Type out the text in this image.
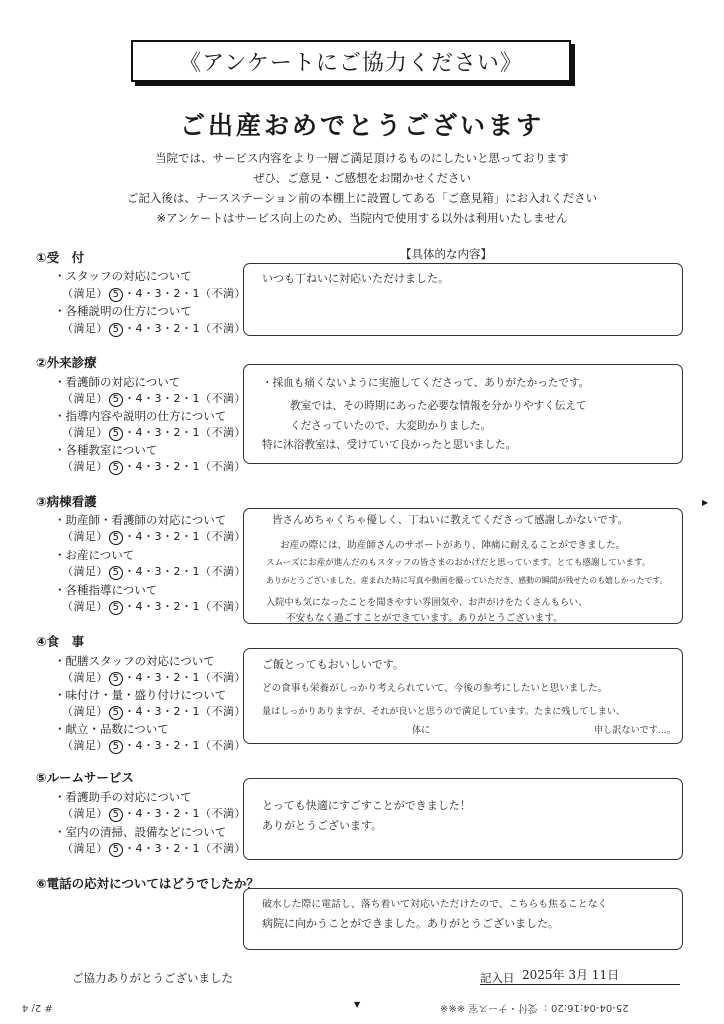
《アンケートにご協力ください》
ご出産おめでとうございます
当院では、サービス内容をより一層ご満足頂けるものにしたいと思っております
ぜひ、ご意見・ご感想をお聞かせください
ご記入後は、ナースステーション前の本棚上に設置してある「ご意見箱」にお入れください
※アンケートはサービス向上のため、当院内で使用する以外は利用いたしません
【具体的な内容】
①受　付
・スタッフの対応について
（満足） 5 ・4・3・2・1（不満）
・各種説明の仕方について
（満足） 5 ・4・3・2・1（不満）
いつも丁ねいに対応いただけました。
②外来診療
・看護師の対応について
（満足） 5 ・4・3・2・1（不満）
・指導内容や説明の仕方について
（満足） 5 ・4・3・2・1（不満）
・各種教室について
（満足） 5 ・4・3・2・1（不満）
・採血も痛くないように実施してくださって、ありがたかったです。
教室では、その時期にあった必要な情報を分かりやすく伝えて
くださっていたので、大変助かりました。
特に沐浴教室は、受けていて良かったと思いました。
③病棟看護
・助産師・看護師の対応について
（満足） 5 ・4・3・2・1（不満）
・お産について
（満足） 5 ・4・3・2・1（不満）
・各種指導について
（満足） 5 ・4・3・2・1（不満）
皆さんめちゃくちゃ優しく、丁ねいに教えてくださって感謝しかないです。
お産の際には、助産師さんのサポートがあり、陣痛に耐えることができました。
スムーズにお産が進んだのもスタッフの皆さまのおかげだと思っています。とても感謝しています。
ありがとうございました。産まれた時に写真や動画を撮っていただき、感動の瞬間が残せたのも嬉しかったです。
入院中も気になったことを聞きやすい雰囲気や、お声がけをたくさんもらい、
不安もなく過ごすことができています。ありがとうございます。
④食　事
・配膳スタッフの対応について
（満足） 5 ・4・3・2・1（不満）
・味付け・量・盛り付けについて
（満足） 5 ・4・3・2・1（不満）
・献立・品数について
（満足） 5 ・4・3・2・1（不満）
ご飯とってもおいしいです。
どの食事も栄養がしっかり考えられていて、今後の参考にしたいと思いました。
量はしっかりありますが、それが良いと思うので満足しています。たまに残してしまい、
体に　　　　　　　　　　　　　　　　　　申し訳ないです…。
⑤ルームサービス
・看護助手の対応について
（満足） 5 ・4・3・2・1（不満）
・室内の清掃、設備などについて
（満足） 5 ・4・3・2・1（不満）
とっても快適にすごすことができました！
ありがとうございます。
⑥電話の応対についてはどうでしたか？
破水した際に電話し、落ち着いて対応いただけたので、こちらも焦ることなく
病院に向かうことができました。ありがとうございました。
ご協力ありがとうございました	記入日 2025年 3月 11日
# 2/ 4	25-04-04:16:20 ：受付・ナース室 ※※※
▼
▶
